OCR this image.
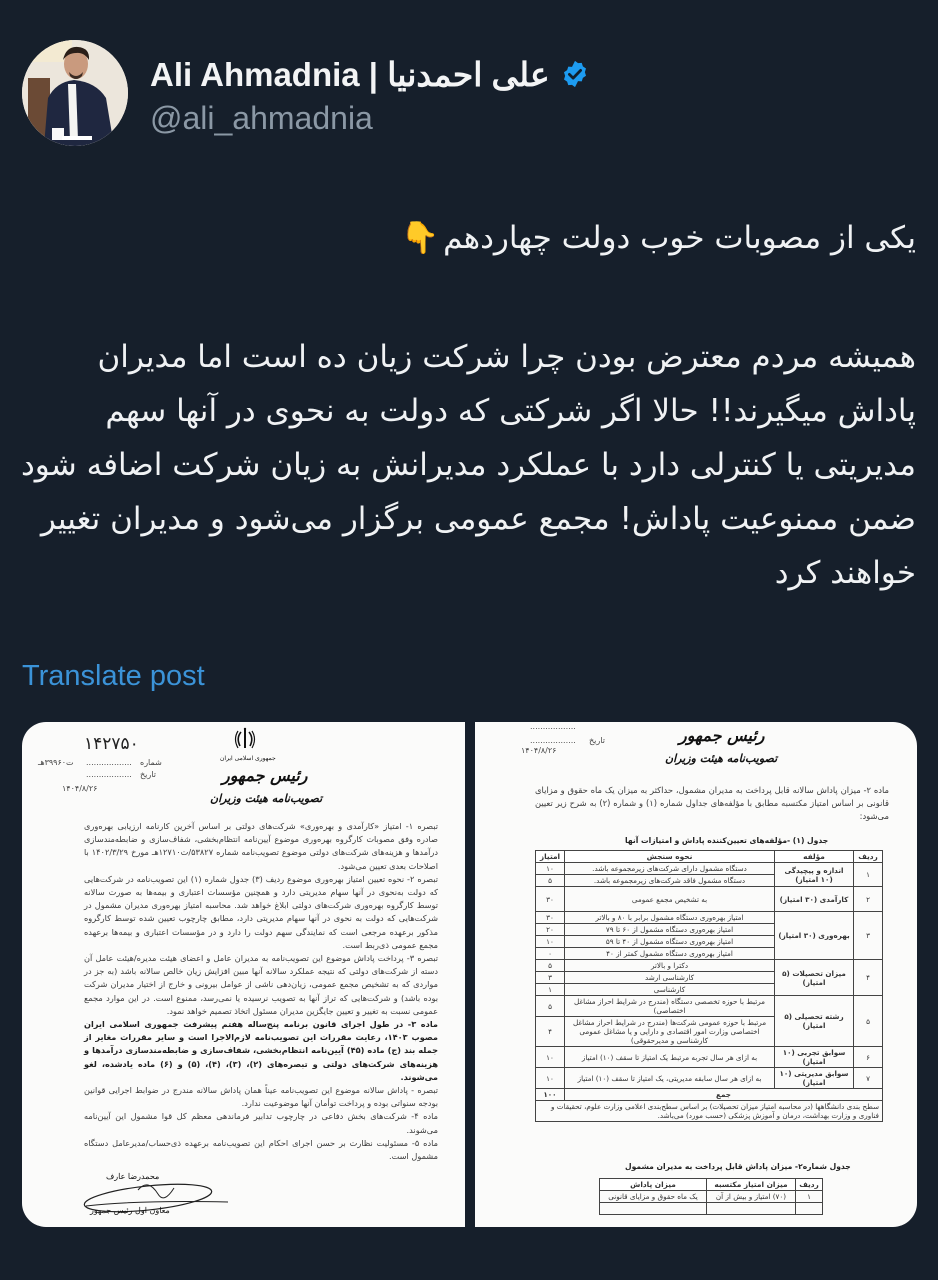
Ali Ahmadnia | علی احمدنیا
@ali_ahmadnia
یکی از مصوبات خوب دولت چهاردهم👇
همیشه مردم معترض بودن چرا شرکت زیان ده است اما مدیران پاداش میگیرند!! حالا اگر شرکتی که دولت به نحوی در آنها سهم مدیریتی یا کنترلی دارد با عملکرد مدیرانش به زیان شرکت اضافه شود ضمن ممنوعیت پاداش! مجمع عمومی برگزار می‌شود و مدیران تغییر خواهند کرد
Translate post
۱۴۲۷۵۰
ت۳۹۹۶۰هـ .................. شماره
.................. تاریخ
۱۴۰۴/۸/۲۶
جمهوری اسلامی ایران
رئیس جمهور
تصویب‌نامه هیئت وزیران
تبصره ۱- امتیاز «کارآمدی و بهره‌وری» شرکت‌های دولتی بر اساس آخرین کارنامه ارزیابی بهره‌وری صادره وفق مصوبات کارگروه بهره‌وری موضوع آیین‌نامه انتظام‌بخشی، شفاف‌سازی و ضابطه‌مندسازی درآمدها و هزینه‌های شرکت‌های دولتی موضوع تصویب‌نامه شماره ۵۳۸۲۷/ت۱۲۷۱۰هـ مورخ ۱۴۰۲/۳/۲۹ با اصلاحات بعدی تعیین می‌شود.
تبصره ۲- نحوه تعیین امتیاز بهره‌وری موضوع ردیف (۳) جدول شماره (۱) این تصویب‌نامه در شرکت‌هایی که دولت به‌نحوی در آنها سهام مدیریتی دارد و همچنین مؤسسات اعتباری و بیمه‌ها به صورت سالانه توسط کارگروه بهره‌وری شرکت‌های دولتی ابلاغ خواهد شد. محاسبه امتیاز بهره‌وری مدیران مشمول در شرکت‌هایی که دولت به نحوی در آنها سهام مدیریتی دارد، مطابق چارچوب تعیین شده توسط کارگروه مذکور برعهده مرجعی است که نمایندگی سهم دولت را دارد و در مؤسسات اعتباری و بیمه‌ها برعهده مجمع عمومی ذی‌ربط است.
تبصره ۳- پرداخت پاداش موضوع این تصویب‌نامه به مدیران عامل و اعضای هیئت مدیره/هیئت عامل آن دسته از شرکت‌های دولتی که نتیجه عملکرد سالانه آنها مبین افزایش زیان خالص سالانه باشد (به جز در مواردی که به تشخیص مجمع عمومی، زیان‌دهی ناشی از عوامل بیرونی و خارج از اختیار مدیران شرکت بوده باشد) و شرکت‌هایی که تراز آنها به تصویب نرسیده یا نمی‌رسد، ممنوع است. در این موارد مجمع عمومی نسبت به تغییر و تعیین جایگزین مدیران مسئول اتخاذ تصمیم خواهد نمود.
ماده ۳- در طول اجرای قانون برنامه پنج‌ساله هفتم پیشرفت جمهوری اسلامی ایران مصوب ۱۴۰۳، رعایت مقررات این تصویب‌نامه لازم‌الاجرا است و سایر مقررات مغایر از جمله بند (ج) ماده (۴۵) آیین‌نامه انتظام‌بخشی، شفاف‌سازی و ضابطه‌مندسازی درآمدها و هزینه‌های شرکت‌های دولتی و تبصره‌های (۲)، (۳)، (۴)، (۵) و (۶) ماده یادشده، لغو می‌شوند.
تبصره - پاداش سالانه موضوع این تصویب‌نامه عیناً همان پاداش سالانه مندرج در ضوابط اجرایی قوانین بودجه سنواتی بوده و پرداخت توأمان آنها موضوعیت ندارد.
ماده ۴- شرکت‌های بخش دفاعی در چارچوب تدابیر فرماندهی معظم کل قوا مشمول این آیین‌نامه می‌شوند.
ماده ۵- مسئولیت نظارت بر حسن اجرای احکام این تصویب‌نامه برعهده ذی‌حساب/مدیرعامل دستگاه مشمول است.
محمدرضا عارف
معاون اول رئیس جمهور
..................
.................. تاریخ
۱۴۰۴/۸/۲۶
رئیس جمهور
تصویب‌نامه هیئت وزیران
ماده ۲- میزان پاداش سالانه قابل پرداخت به مدیران مشمول، حداکثر به میزان یک ماه حقوق و مزایای قانونی بر اساس امتیاز مکتسبه مطابق با مؤلفه‌های جداول شماره (۱) و شماره (۲) به شرح زیر تعیین می‌شود:
جدول (۱) -مؤلفه‌های تعیین‌کننده پاداش و امتیازات آنها
ردیف	مؤلفه	نحوه سنجش	امتیاز
۱	اندازه و پیچیدگی (۱۰ امتیاز)	دستگاه مشمول دارای شرکت‌های زیرمجموعه باشد.	۱۰
		دستگاه مشمول فاقد شرکت‌های زیرمجموعه باشد.	۵
۲	کارآمدی (۳۰ امتیاز)	به تشخیص مجمع عمومی	۳۰
۳	بهره‌وری (۳۰ امتیاز)	امتیاز بهره‌وری دستگاه مشمول برابر با ۸۰ و بالاتر	۳۰
		امتیاز بهره‌وری دستگاه مشمول از ۶۰ تا ۷۹	۲۰
		امتیاز بهره‌وری دستگاه مشمول از ۴۰ تا ۵۹	۱۰
		امتیاز بهره‌وری دستگاه مشمول کمتر از ۴۰	۰
۴	میزان تحصیلات (۵ امتیاز)	دکترا و بالاتر	۵
		کارشناسی ارشد	۳
		کارشناسی	۱
۵	رشته تحصیلی (۵ امتیاز)	مرتبط با حوزه تخصصی دستگاه (مندرج در شرایط احراز مشاغل اختصاصی)	۵
		مرتبط با حوزه عمومی شرکت‌ها (مندرج در شرایط احراز مشاغل اختصاصی وزارت امور اقتصادی و دارایی و یا مشاغل عمومی کارشناسی و مدیرحقوقی)	۴
۶	سوابق تجربی (۱۰ امتیاز)	به ازای هر سال تجربه مرتبط یک امتیاز تا سقف (۱۰) امتیاز	۱۰
۷	سوابق مدیریتی (۱۰ امتیاز)	به ازای هر سال سابقه مدیریتی، یک امتیاز تا سقف (۱۰) امتیاز	۱۰
جمع			۱۰۰
سطح بندی دانشگاهها (در محاسبه امتیاز میزان تحصیلات) بر اساس سطح‌بندی اعلامی وزارت علوم، تحقیقات و فناوری و وزارت بهداشت، درمان و آموزش پزشکی (حسب مورد) می‌باشد.			
جدول شماره۲- میزان پاداش قابل پرداخت به مدیران مشمول
ردیف	میزان امتیاز مکتسبه	میزان پاداش
۱	(۷۰) امتیاز و بیش از آن	یک ماه حقوق و مزایای قانونی
